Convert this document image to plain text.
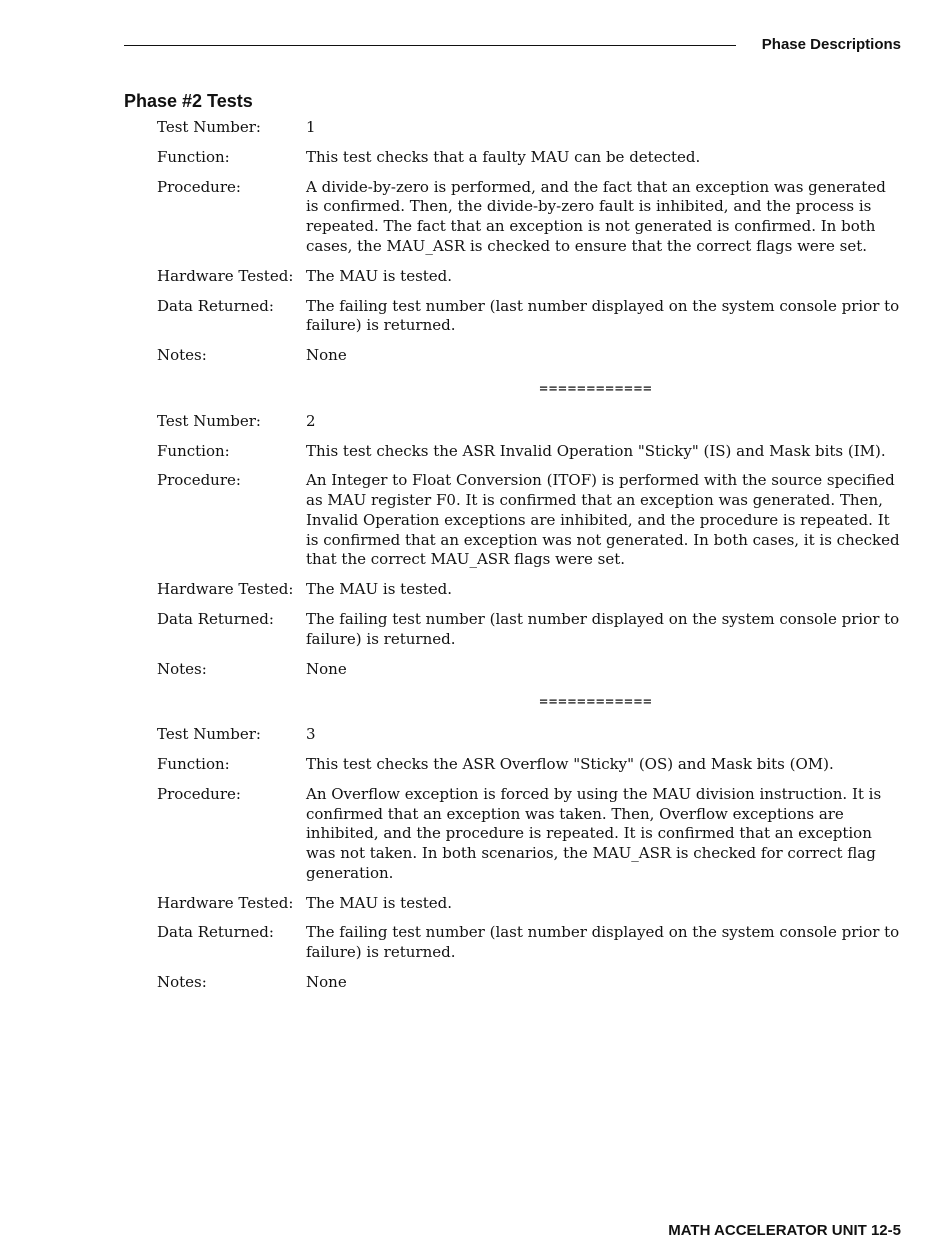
Phase Descriptions
Phase #2 Tests
Test Number:	1
Function:	This test checks that a faulty MAU can be detected.
Procedure:	A divide-by-zero is performed, and the fact that an exception was generated is confirmed. Then, the divide-by-zero fault is inhibited, and the process is repeated. The fact that an exception is not generated is confirmed. In both cases, the MAU_ASR is checked to ensure that the correct flags were set.
Hardware Tested: The MAU is tested.
Data Returned:	The failing test number (last number displayed on the system console prior to failure) is returned.
Notes:	None
============
Test Number:	2
Function:	This test checks the ASR Invalid Operation "Sticky" (IS) and Mask bits (IM).
Procedure:	An Integer to Float Conversion (ITOF) is performed with the source specified as MAU register F0. It is confirmed that an exception was generated. Then, Invalid Operation exceptions are inhibited, and the procedure is repeated. It is confirmed that an exception was not generated. In both cases, it is checked that the correct MAU_ASR flags were set.
Hardware Tested: The MAU is tested.
Data Returned:	The failing test number (last number displayed on the system console prior to failure) is returned.
Notes:	None
============
Test Number:	3
Function:	This test checks the ASR Overflow "Sticky" (OS) and Mask bits (OM).
Procedure:	An Overflow exception is forced by using the MAU division instruction. It is confirmed that an exception was taken. Then, Overflow exceptions are inhibited, and the procedure is repeated. It is confirmed that an exception was not taken. In both scenarios, the MAU_ASR is checked for correct flag generation.
Hardware Tested: The MAU is tested.
Data Returned:	The failing test number (last number displayed on the system console prior to failure) is returned.
Notes:	None
MATH ACCELERATOR UNIT 12-5
